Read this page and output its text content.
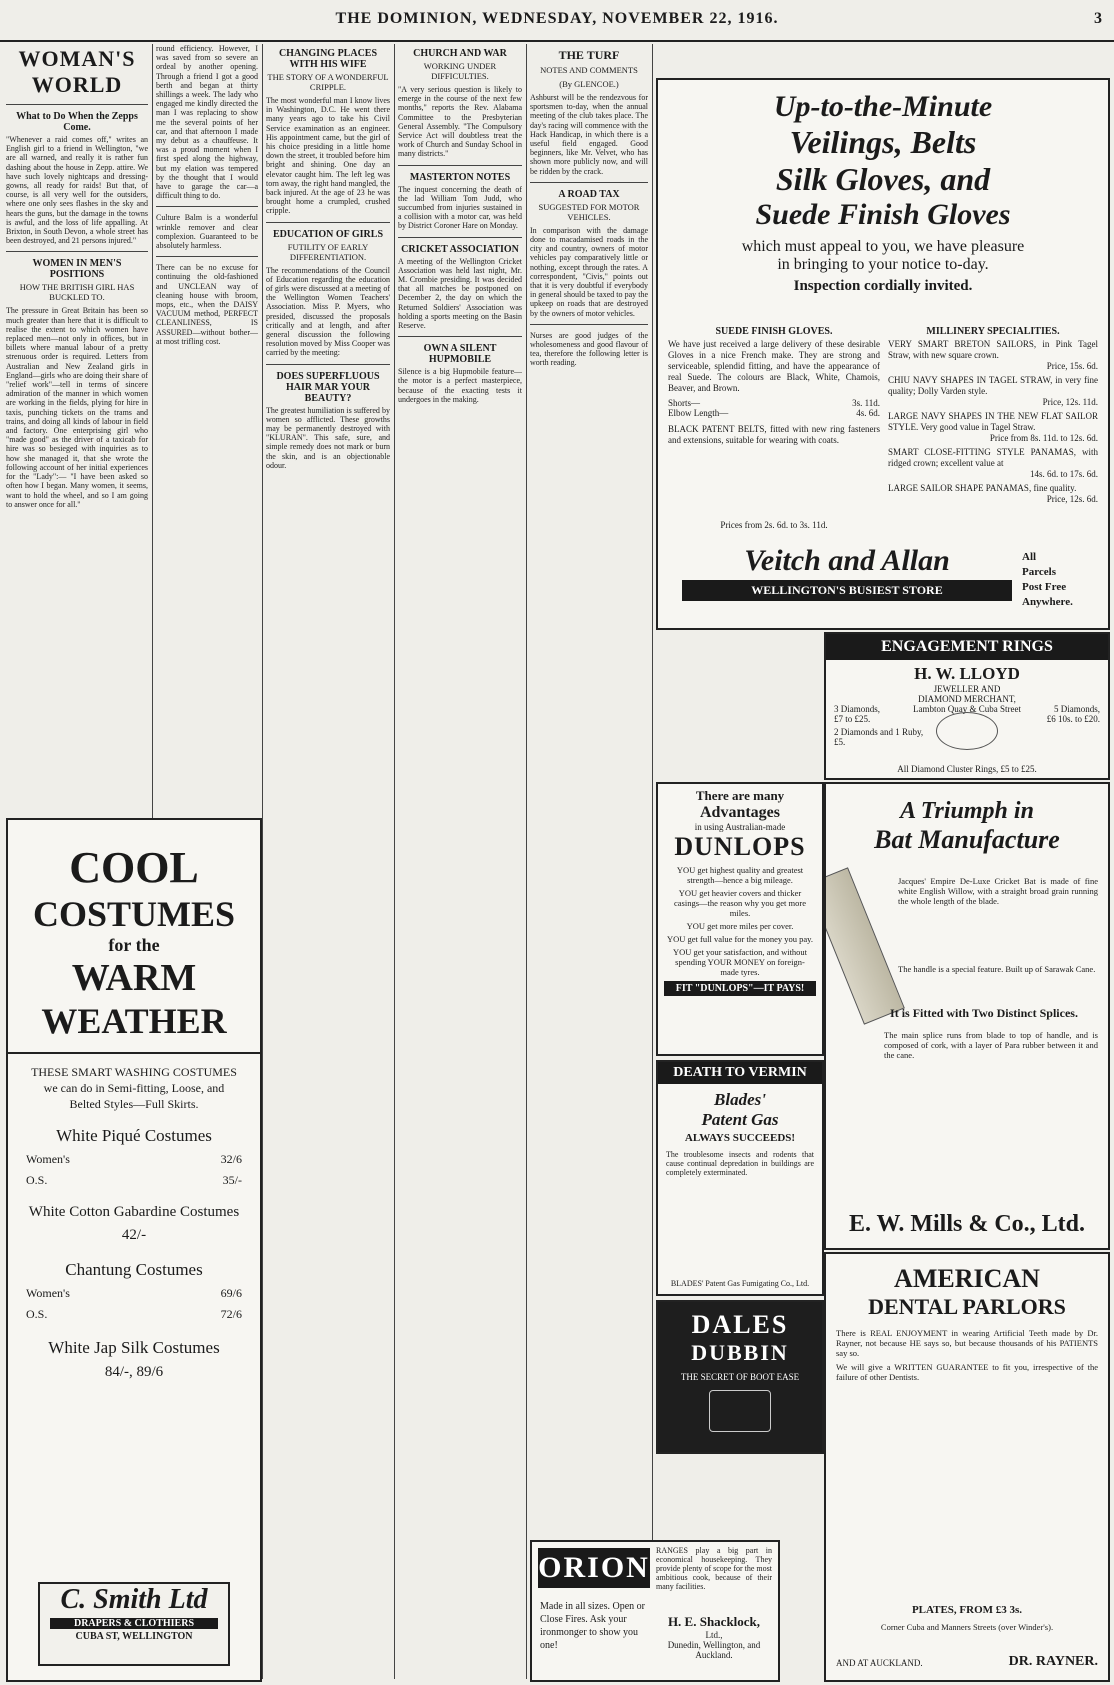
THE DOMINION, WEDNESDAY, NOVEMBER 22, 1916.	3
WOMAN'S WORLD
What to Do When the Zepps Come.

"Whenever a raid comes off," writes an English girl to a friend in Wellington, "we are all warned, and really it is rather fun dashing about the house in Zepp. attire. We have such lovely nightcaps and dressing-gowns, all ready for raids! But that, of course, is all very well for the outsiders, where one only sees flashes in the sky and hears the guns, but the damage in the towns is awful, and the loss of life appalling. At Brixton, in South Devon, a whole street has been destroyed, and 21 persons injured."

WOMEN IN MEN'S POSITIONS
HOW THE BRITISH GIRL HAS BUCKLED TO.

The pressure in Great Britain has been so much greater than here that it is difficult to realise the extent to which women have replaced men—not only in offices, but in billets where manual labour of a pretty strenuous order is required. Letters from Australian and New Zealand girls in England—girls who are doing their share of "relief work"—tell in terms of sincere admiration of the manner in which women are working in the fields, plying for hire in taxis, punching tickets on the trams and trains, and doing all kinds of labour in field and factory. One enterprising girl who "made good" as the driver of a taxicab for hire was so besieged with inquiries as to how she managed it, that she wrote the following account of her initial experiences for the "Lady":— "I have been asked so often how I began. Many women, it seems, want to hold the wheel, and so I am going to answer once for all."

round efficiency. However, I was saved from so severe an ordeal by another opening. Through a friend I got a good berth and began at thirty shillings a week. The lady who engaged me kindly directed the man I was replacing to show me the several points of her car, and that afternoon I made my debut as a chauffeuse. It was a proud moment when I first sped along the highway, but my elation was tempered by the thought that I would have to garage the car—a difficult thing to do.

Culture Balm is a wonderful wrinkle remover and clear complexion. Guaranteed to be absolutely harmless.

There can be no excuse for continuing the old-fashioned and UNCLEAN way of cleaning house with broom, mops, etc., when the DAISY VACUUM method, PERFECT CLEANLINESS, IS ASSURED—without bother—at most trifling cost.

COOL
COSTUMES
for the
WARM
WEATHER
THESE SMART WASHING COSTUMES we can do in Semi-fitting, Loose, and Belted Styles—Full Skirts.
White Piqué Costumes
Women's	32/6
O.S.	35/-
White Cotton Gabardine Costumes
42/-
Chantung Costumes
Women's	69/6
O.S.	72/6
White Jap Silk Costumes
84/-, 89/6
C. Smith Ltd
DRAPERS & CLOTHIERS
CUBA ST, WELLINGTON
CHANGING PLACES WITH HIS WIFE
THE STORY OF A WONDERFUL CRIPPLE.

The most wonderful man I know lives in Washington, D.C. He went there many years ago to take his Civil Service examination as an engineer. His appointment came, but the girl of his choice presiding in a little home down the street, it troubled before him bright and shining. One day an elevator caught him. The left leg was torn away, the right hand mangled, the back injured. At the age of 23 he was brought home a crumpled, crushed cripple.

EDUCATION OF GIRLS
FUTILITY OF EARLY DIFFERENTIATION.

The recommendations of the Council of Education regarding the education of girls were discussed at a meeting of the Wellington Women Teachers' Association. Miss P. Myers, who presided, discussed the proposals critically and at length, and after general discussion the following resolution moved by Miss Cooper was carried by the meeting:

DOES SUPERFLUOUS HAIR MAR YOUR BEAUTY?

The greatest humiliation is suffered by women so afflicted. These growths may be permanently destroyed with "KLURAN". This safe, sure, and simple remedy does not mark or burn the skin, and is an objectionable odour.

CHURCH AND WAR
WORKING UNDER DIFFICULTIES.

"A very serious question is likely to emerge in the course of the next few months," reports the Rev. Alabama Committee to the Presbyterian General Assembly. "The Compulsory Service Act will doubtless treat the work of Church and Sunday School in many districts."

MASTERTON NOTES

The inquest concerning the death of the lad William Tom Judd, who succumbed from injuries sustained in a collision with a motor car, was held by District Coroner Hare on Monday.

CRICKET ASSOCIATION

A meeting of the Wellington Cricket Association was held last night, Mr. M. Crombie presiding. It was decided that all matches be postponed on December 2, the day on which the Returned Soldiers' Association was holding a sports meeting on the Basin Reserve.

OWN A SILENT HUPMOBILE

Silence is a big Hupmobile feature—the motor is a perfect masterpiece, because of the exacting tests it undergoes in the making.

THE TURF
NOTES AND COMMENTS
(By GLENCOE.)

Ashburst will be the rendezvous for sportsmen to-day, when the annual meeting of the club takes place. The day's racing will commence with the Hack Handicap, in which there is a useful field engaged. Good beginners, like Mr. Velvet, who has shown more publicly now, and will be ridden by the crack.

A ROAD TAX
SUGGESTED FOR MOTOR VEHICLES.

In comparison with the damage done to macadamised roads in the city and country, owners of motor vehicles pay comparatively little or nothing, except through the rates. A correspondent, "Civis," points out that it is very doubtful if everybody in general should be taxed to pay the upkeep on roads that are destroyed by the owners of motor vehicles.

Nurses are good judges of the wholesomeness and good flavour of tea, therefore the following letter is worth reading.

ORION
RANGES play a big part in economical housekeeping. They provide plenty of scope for the most ambitious cook, because of their many facilities.
Made in all sizes. Open or Close Fires. Ask your ironmonger to show you one!
H. E. Shacklock,
Ltd.,
Dunedin, Wellington, and Auckland.
Up-to-the-Minute
Veilings, Belts
Silk Gloves, and
Suede Finish Gloves
which must appeal to you, we have pleasure
in bringing to your notice to-day.
Inspection cordially invited.
SUEDE FINISH GLOVES.

We have just received a large delivery of these desirable Gloves in a nice French make. They are strong and serviceable, splendid fitting, and have the appearance of real Suede. The colours are Black, White, Chamois, Beaver, and Brown.

Shorts—	3s. 11d.
Elbow Length—	4s. 6d.

BLACK PATENT BELTS, fitted with new ring fasteners and extensions, suitable for wearing with coats.

MILLINERY SPECIALITIES.

VERY SMART BRETON SAILORS, in Pink Tagel Straw, with new square crown.

Price, 15s. 6d.

CHIU NAVY SHAPES IN TAGEL STRAW, in very fine quality; Dolly Varden style.

Price, 12s. 11d.

LARGE NAVY SHAPES IN THE NEW FLAT SAILOR STYLE. Very good value in Tagel Straw.

Price from 8s. 11d. to 12s. 6d.

SMART CLOSE-FITTING STYLE PANAMAS, with ridged crown; excellent value at

14s. 6d. to 17s. 6d.

LARGE SAILOR SHAPE PANAMAS, fine quality.

Price, 12s. 6d.
Prices from 2s. 6d. to 3s. 11d.
Veitch and Allan
WELLINGTON'S BUSIEST STORE
All
Parcels
Post Free
Anywhere.
ENGAGEMENT RINGS
H. W. LLOYD
JEWELLER AND
DIAMOND MERCHANT,
Lambton Quay & Cuba Street
3 Diamonds,
£7 to £25.
2 Diamonds and 1 Ruby,
£5.
5 Diamonds,
£6 10s. to £20.
All Diamond Cluster Rings, £5 to £25.
There are many
Advantages
in using Australian-made
DUNLOPS

YOU get highest quality and greatest strength—hence a big mileage.

YOU get heavier covers and thicker casings—the reason why you get more miles.

YOU get more miles per cover.

YOU get full value for the money you pay.

YOU get your satisfaction, and without spending YOUR MONEY on foreign-made tyres.

FIT "DUNLOPS"—IT PAYS!
DEATH TO VERMIN
Blades'
Patent Gas
ALWAYS SUCCEEDS!

The troublesome insects and rodents that cause continual depredation in buildings are completely exterminated.

BLADES' Patent Gas Fumigating Co., Ltd.
DALES
DUBBIN
THE SECRET OF BOOT EASE
A Triumph in
Bat Manufacture

Jacques' Empire De-Luxe Cricket Bat is made of fine white English Willow, with a straight broad grain running the whole length of the blade.

The handle is a special feature. Built up of Sarawak Cane.

It is Fitted with Two Distinct Splices.

The main splice runs from blade to top of handle, and is composed of cork, with a layer of Para rubber between it and the cane.

E. W. Mills & Co., Ltd.
AMERICAN
DENTAL PARLORS

There is REAL ENJOYMENT in wearing Artificial Teeth made by Dr. Rayner, not because HE says so, but because thousands of his PATIENTS say so.

We will give a WRITTEN GUARANTEE to fit you, irrespective of the failure of other Dentists.

PLATES, FROM £3 3s.
Corner Cuba and Manners Streets (over Winder's).
AND AT AUCKLAND.	DR. RAYNER.
